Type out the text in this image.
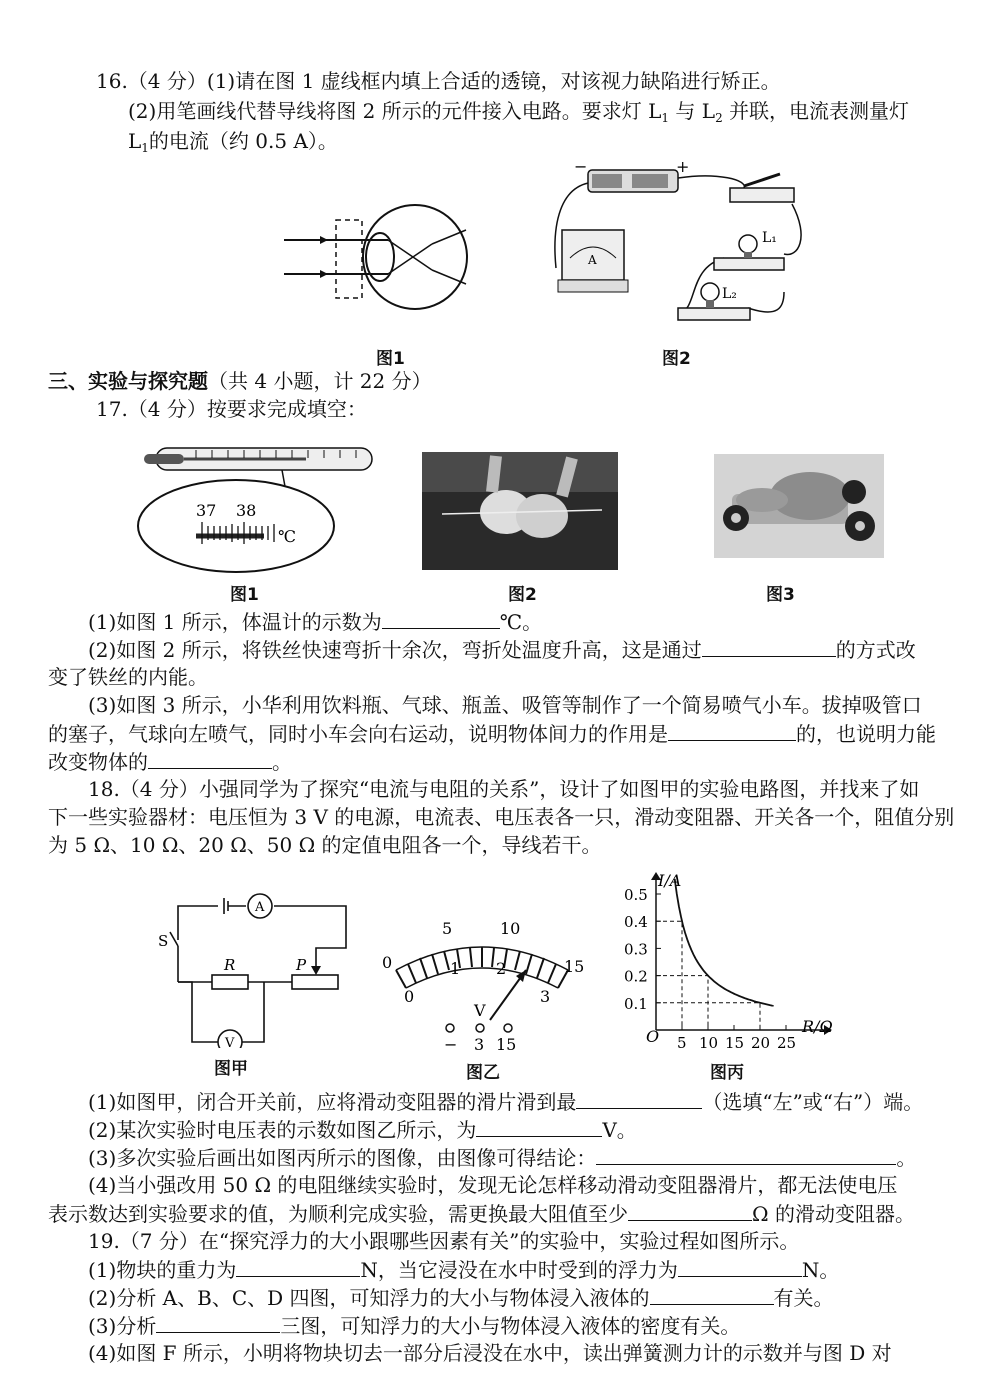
16.（4 分）(1)请在图 1 虚线框内填上合适的透镜，对该视力缺陷进行矫正。
(2)用笔画线代替导线将图 2 所示的元件接入电路。要求灯 $L_1$ 与 $L_2$ 并联，电流表测量灯
$L_1$的电流（约 0.5 A）。
图1
−	+
A
L₁
L₂
图2
三、实验与探究题（共 4 小题，计 22 分）
17.（4 分）按要求完成填空：
37 38
℃
图1	图2	图3
(1)如图 1 所示，体温计的示数为	℃。
(2)如图 2 所示，将铁丝快速弯折十余次，弯折处温度升高，这是通过	的方式改
变了铁丝的内能。
(3)如图 3 所示，小华利用饮料瓶、气球、瓶盖、吸管等制作了一个简易喷气小车。拔掉吸管口
的塞子，气球向左喷气，同时小车会向右运动，说明物体间力的作用是	的，也说明力能
改变物体的	。
18.（4 分）小强同学为了探究“电流与电阻的关系”，设计了如图甲的实验电路图，并找来了如
下一些实验器材：电压恒为 3 V 的电源，电流表、电压表各一只，滑动变阻器、开关各一个，阻值分别
为 5 Ω、10 Ω、20 Ω、50 Ω 的定值电阻各一个，导线若干。
A
V
S
R	P
图甲
0
5	10
15
0
1 2
3
V
− 3 15
图乙
0.1
0.2
0.3
0.4
0.5
5 10 15 20 25
O
I/A
R/Ω
图丙
(1)如图甲，闭合开关前，应将滑动变阻器的滑片滑到最	（选填“左”或“右”）端。
(2)某次实验时电压表的示数如图乙所示，为	V。
(3)多次实验后画出如图丙所示的图像，由图像可得结论：	。
(4)当小强改用 50 Ω 的电阻继续实验时，发现无论怎样移动滑动变阻器滑片，都无法使电压
表示数达到实验要求的值，为顺利完成实验，需更换最大阻值至少	Ω 的滑动变阻器。
19.（7 分）在“探究浮力的大小跟哪些因素有关”的实验中，实验过程如图所示。
(1)物块的重力为	N，当它浸没在水中时受到的浮力为	N。
(2)分析 A、B、C、D 四图，可知浮力的大小与物体浸入液体的	有关。
(3)分析	三图，可知浮力的大小与物体浸入液体的密度有关。
(4)如图 F 所示，小明将物块切去一部分后浸没在水中，读出弹簧测力计的示数并与图 D 对
